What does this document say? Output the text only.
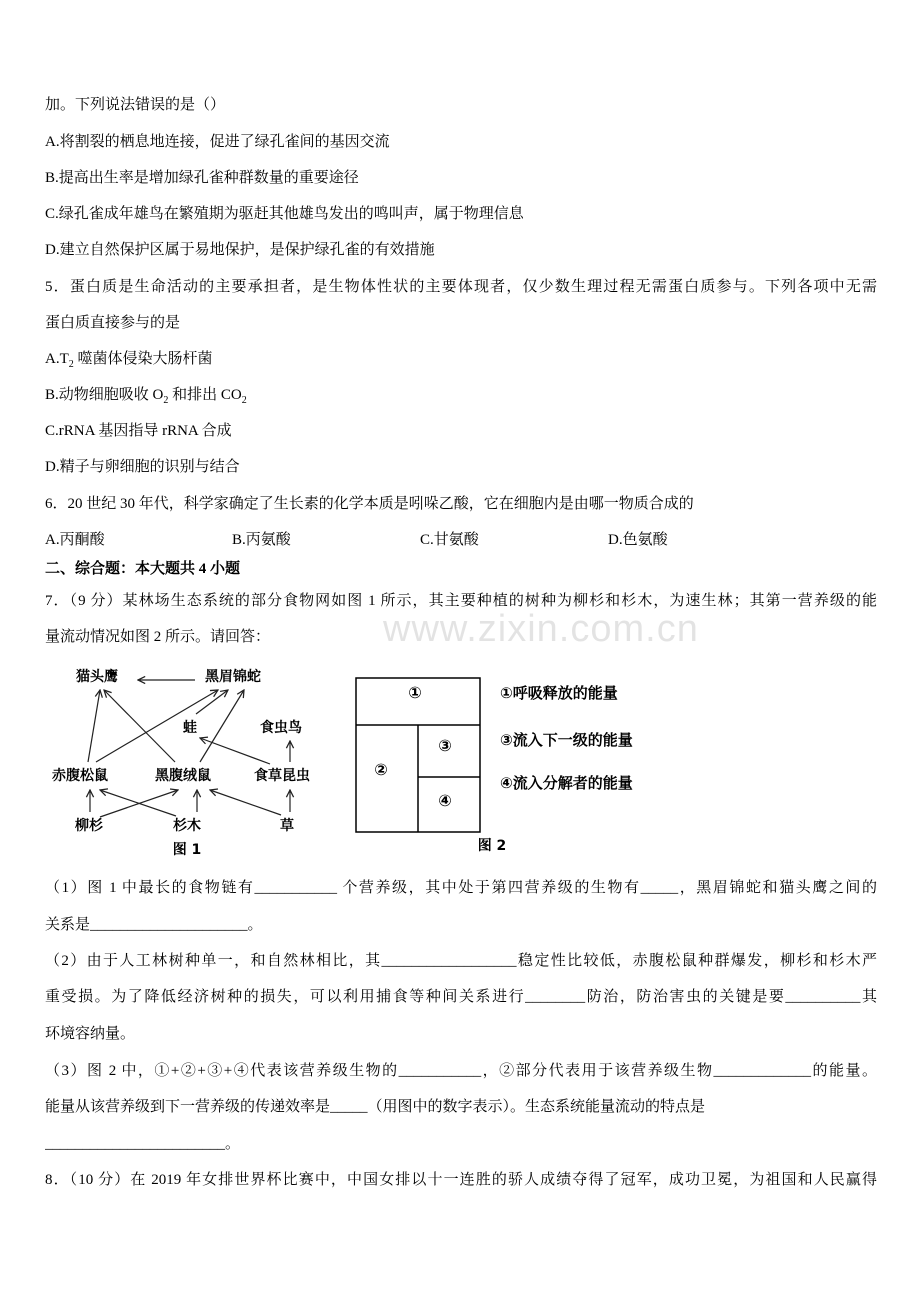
www.zixin.com.cn
加。下列说法错误的是（）
A.将割裂的栖息地连接，促进了绿孔雀间的基因交流
B.提高出生率是增加绿孔雀种群数量的重要途径
C.绿孔雀成年雄鸟在繁殖期为驱赶其他雄鸟发出的鸣叫声，属于物理信息
D.建立自然保护区属于易地保护，是保护绿孔雀的有效措施
5．蛋白质是生命活动的主要承担者，是生物体性状的主要体现者，仅少数生理过程无需蛋白质参与。下列各项中无需
蛋白质直接参与的是
$A.T_2$ 噬菌体侵染大肠杆菌
B.动物细胞吸收 $O_2$ 和排出 $CO_2$
C.rRNA 基因指导 rRNA 合成
D.精子与卵细胞的识别与结合
6．20 世纪 30 年代，科学家确定了生长素的化学本质是吲哚乙酸，它在细胞内是由哪一物质合成的
A.丙酮酸	B.丙氨酸	C.甘氨酸	D.色氨酸
二、综合题：本大题共 4 小题
7．（9 分）某林场生态系统的部分食物网如图 1 所示，其主要种植的树种为柳杉和杉木，为速生林；其第一营养级的能
量流动情况如图 2 所示。请回答：
猫头鹰	黑眉锦蛇
蛙	食虫鸟
赤腹松鼠	黑腹绒鼠	食草昆虫
柳杉	杉木	草
图 1
①
②
③
④
①呼吸释放的能量
③流入下一级的能量
④流入分解者的能量
图 2
（1）图 1 中最长的食物链有___________ 个营养级，其中处于第四营养级的生物有_____，黑眉锦蛇和猫头鹰之间的
关系是_____________________。
（2）由于人工林树种单一，和自然林相比，其__________________稳定性比较低，赤腹松鼠种群爆发，柳杉和杉木严
重受损。为了降低经济树种的损失，可以利用捕食等种间关系进行________防治，防治害虫的关键是要__________其
环境容纳量。
（3）图 2 中，①+②+③+④代表该营养级生物的___________，②部分代表用于该营养级生物_____________的能量。
能量从该营养级到下一营养级的传递效率是_____（用图中的数字表示）。生态系统能量流动的特点是
________________________。
8．（10 分）在 2019 年女排世界杯比赛中，中国女排以十一连胜的骄人成绩夺得了冠军，成功卫冕，为祖国和人民赢得
